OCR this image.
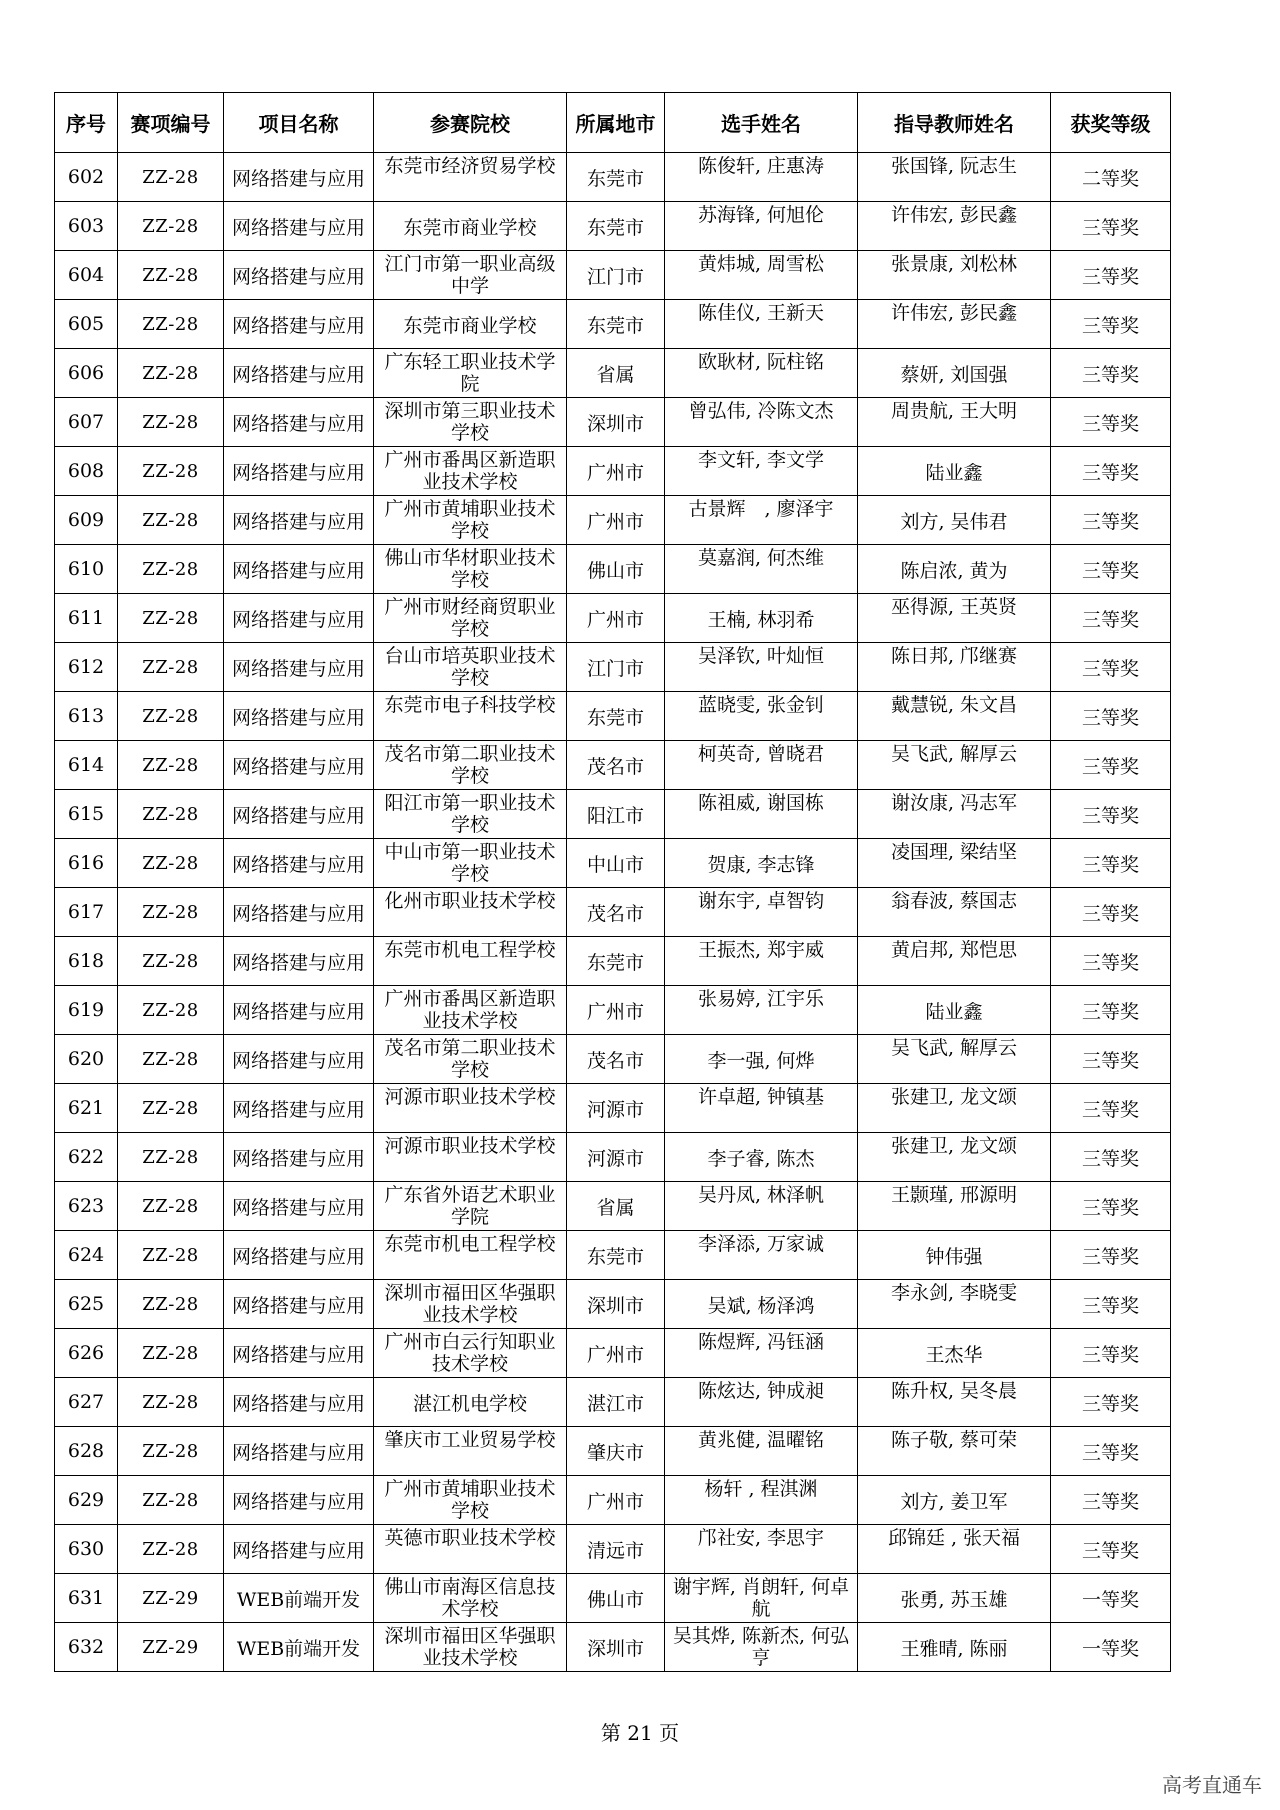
序号	赛项编号	项目名称	参赛院校	所属地市	选手姓名	指导教师姓名	获奖等级
602	ZZ-28	网络搭建与应用	东莞市经济贸易学校	东莞市	陈俊轩, 庄惠涛	张国锋, 阮志生	二等奖
603	ZZ-28	网络搭建与应用	东莞市商业学校	东莞市	苏海锋, 何旭伦	许伟宏, 彭民鑫	三等奖
604	ZZ-28	网络搭建与应用	江门市第一职业高级中学	江门市	黄炜城, 周雪松	张景康, 刘松林	三等奖
605	ZZ-28	网络搭建与应用	东莞市商业学校	东莞市	陈佳仪, 王新天	许伟宏, 彭民鑫	三等奖
606	ZZ-28	网络搭建与应用	广东轻工职业技术学院	省属	欧耿材, 阮柱铭	蔡妍, 刘国强	三等奖
607	ZZ-28	网络搭建与应用	深圳市第三职业技术学校	深圳市	曾弘伟, 冷陈文杰	周贵航, 王大明	三等奖
608	ZZ-28	网络搭建与应用	广州市番禺区新造职业技术学校	广州市	李文轩, 李文学	陆业鑫	三等奖
609	ZZ-28	网络搭建与应用	广州市黄埔职业技术学校	广州市	古景辉　, 廖泽宇	刘方, 吴伟君	三等奖
610	ZZ-28	网络搭建与应用	佛山市华材职业技术学校	佛山市	莫嘉润, 何杰维	陈启浓, 黄为	三等奖
611	ZZ-28	网络搭建与应用	广州市财经商贸职业学校	广州市	王楠, 林羽希	巫得源, 王英贤	三等奖
612	ZZ-28	网络搭建与应用	台山市培英职业技术学校	江门市	吴泽钦, 叶灿恒	陈日邦, 邝继赛	三等奖
613	ZZ-28	网络搭建与应用	东莞市电子科技学校	东莞市	蓝晓雯, 张金钊	戴慧锐, 朱文昌	三等奖
614	ZZ-28	网络搭建与应用	茂名市第二职业技术学校	茂名市	柯英奇, 曾晓君	吴飞武, 解厚云	三等奖
615	ZZ-28	网络搭建与应用	阳江市第一职业技术学校	阳江市	陈祖威, 谢国栋	谢汝康, 冯志军	三等奖
616	ZZ-28	网络搭建与应用	中山市第一职业技术学校	中山市	贺康, 李志锋	凌国理, 梁结坚	三等奖
617	ZZ-28	网络搭建与应用	化州市职业技术学校	茂名市	谢东宇, 卓智钧	翁春波, 蔡国志	三等奖
618	ZZ-28	网络搭建与应用	东莞市机电工程学校	东莞市	王振杰, 郑宇威	黄启邦, 郑恺思	三等奖
619	ZZ-28	网络搭建与应用	广州市番禺区新造职业技术学校	广州市	张易婷, 江宇乐	陆业鑫	三等奖
620	ZZ-28	网络搭建与应用	茂名市第二职业技术学校	茂名市	李一强, 何烨	吴飞武, 解厚云	三等奖
621	ZZ-28	网络搭建与应用	河源市职业技术学校	河源市	许卓超, 钟镇基	张建卫, 龙文颂	三等奖
622	ZZ-28	网络搭建与应用	河源市职业技术学校	河源市	李子睿, 陈杰	张建卫, 龙文颂	三等奖
623	ZZ-28	网络搭建与应用	广东省外语艺术职业学院	省属	吴丹凤, 林泽帆	王颢瑾, 邢源明	三等奖
624	ZZ-28	网络搭建与应用	东莞市机电工程学校	东莞市	李泽添, 万家诚	钟伟强	三等奖
625	ZZ-28	网络搭建与应用	深圳市福田区华强职业技术学校	深圳市	吴斌, 杨泽鸿	李永剑, 李晓雯	三等奖
626	ZZ-28	网络搭建与应用	广州市白云行知职业技术学校	广州市	陈煜辉, 冯钰涵	王杰华	三等奖
627	ZZ-28	网络搭建与应用	湛江机电学校	湛江市	陈炫达, 钟成昶	陈升权, 吴冬晨	三等奖
628	ZZ-28	网络搭建与应用	肇庆市工业贸易学校	肇庆市	黄兆健, 温曜铭	陈子敬, 蔡可荣	三等奖
629	ZZ-28	网络搭建与应用	广州市黄埔职业技术学校	广州市	杨轩 , 程淇渊	刘方, 姜卫军	三等奖
630	ZZ-28	网络搭建与应用	英德市职业技术学校	清远市	邝社安, 李思宇	邱锦廷 , 张天福	三等奖
631	ZZ-29	WEB前端开发	佛山市南海区信息技术学校	佛山市	谢宇辉, 肖朗轩, 何卓航	张勇, 苏玉雄	一等奖
632	ZZ-29	WEB前端开发	深圳市福田区华强职业技术学校	深圳市	吴其烨, 陈新杰, 何弘亨	王雅晴, 陈丽	一等奖
第 21 页
高考直通车
